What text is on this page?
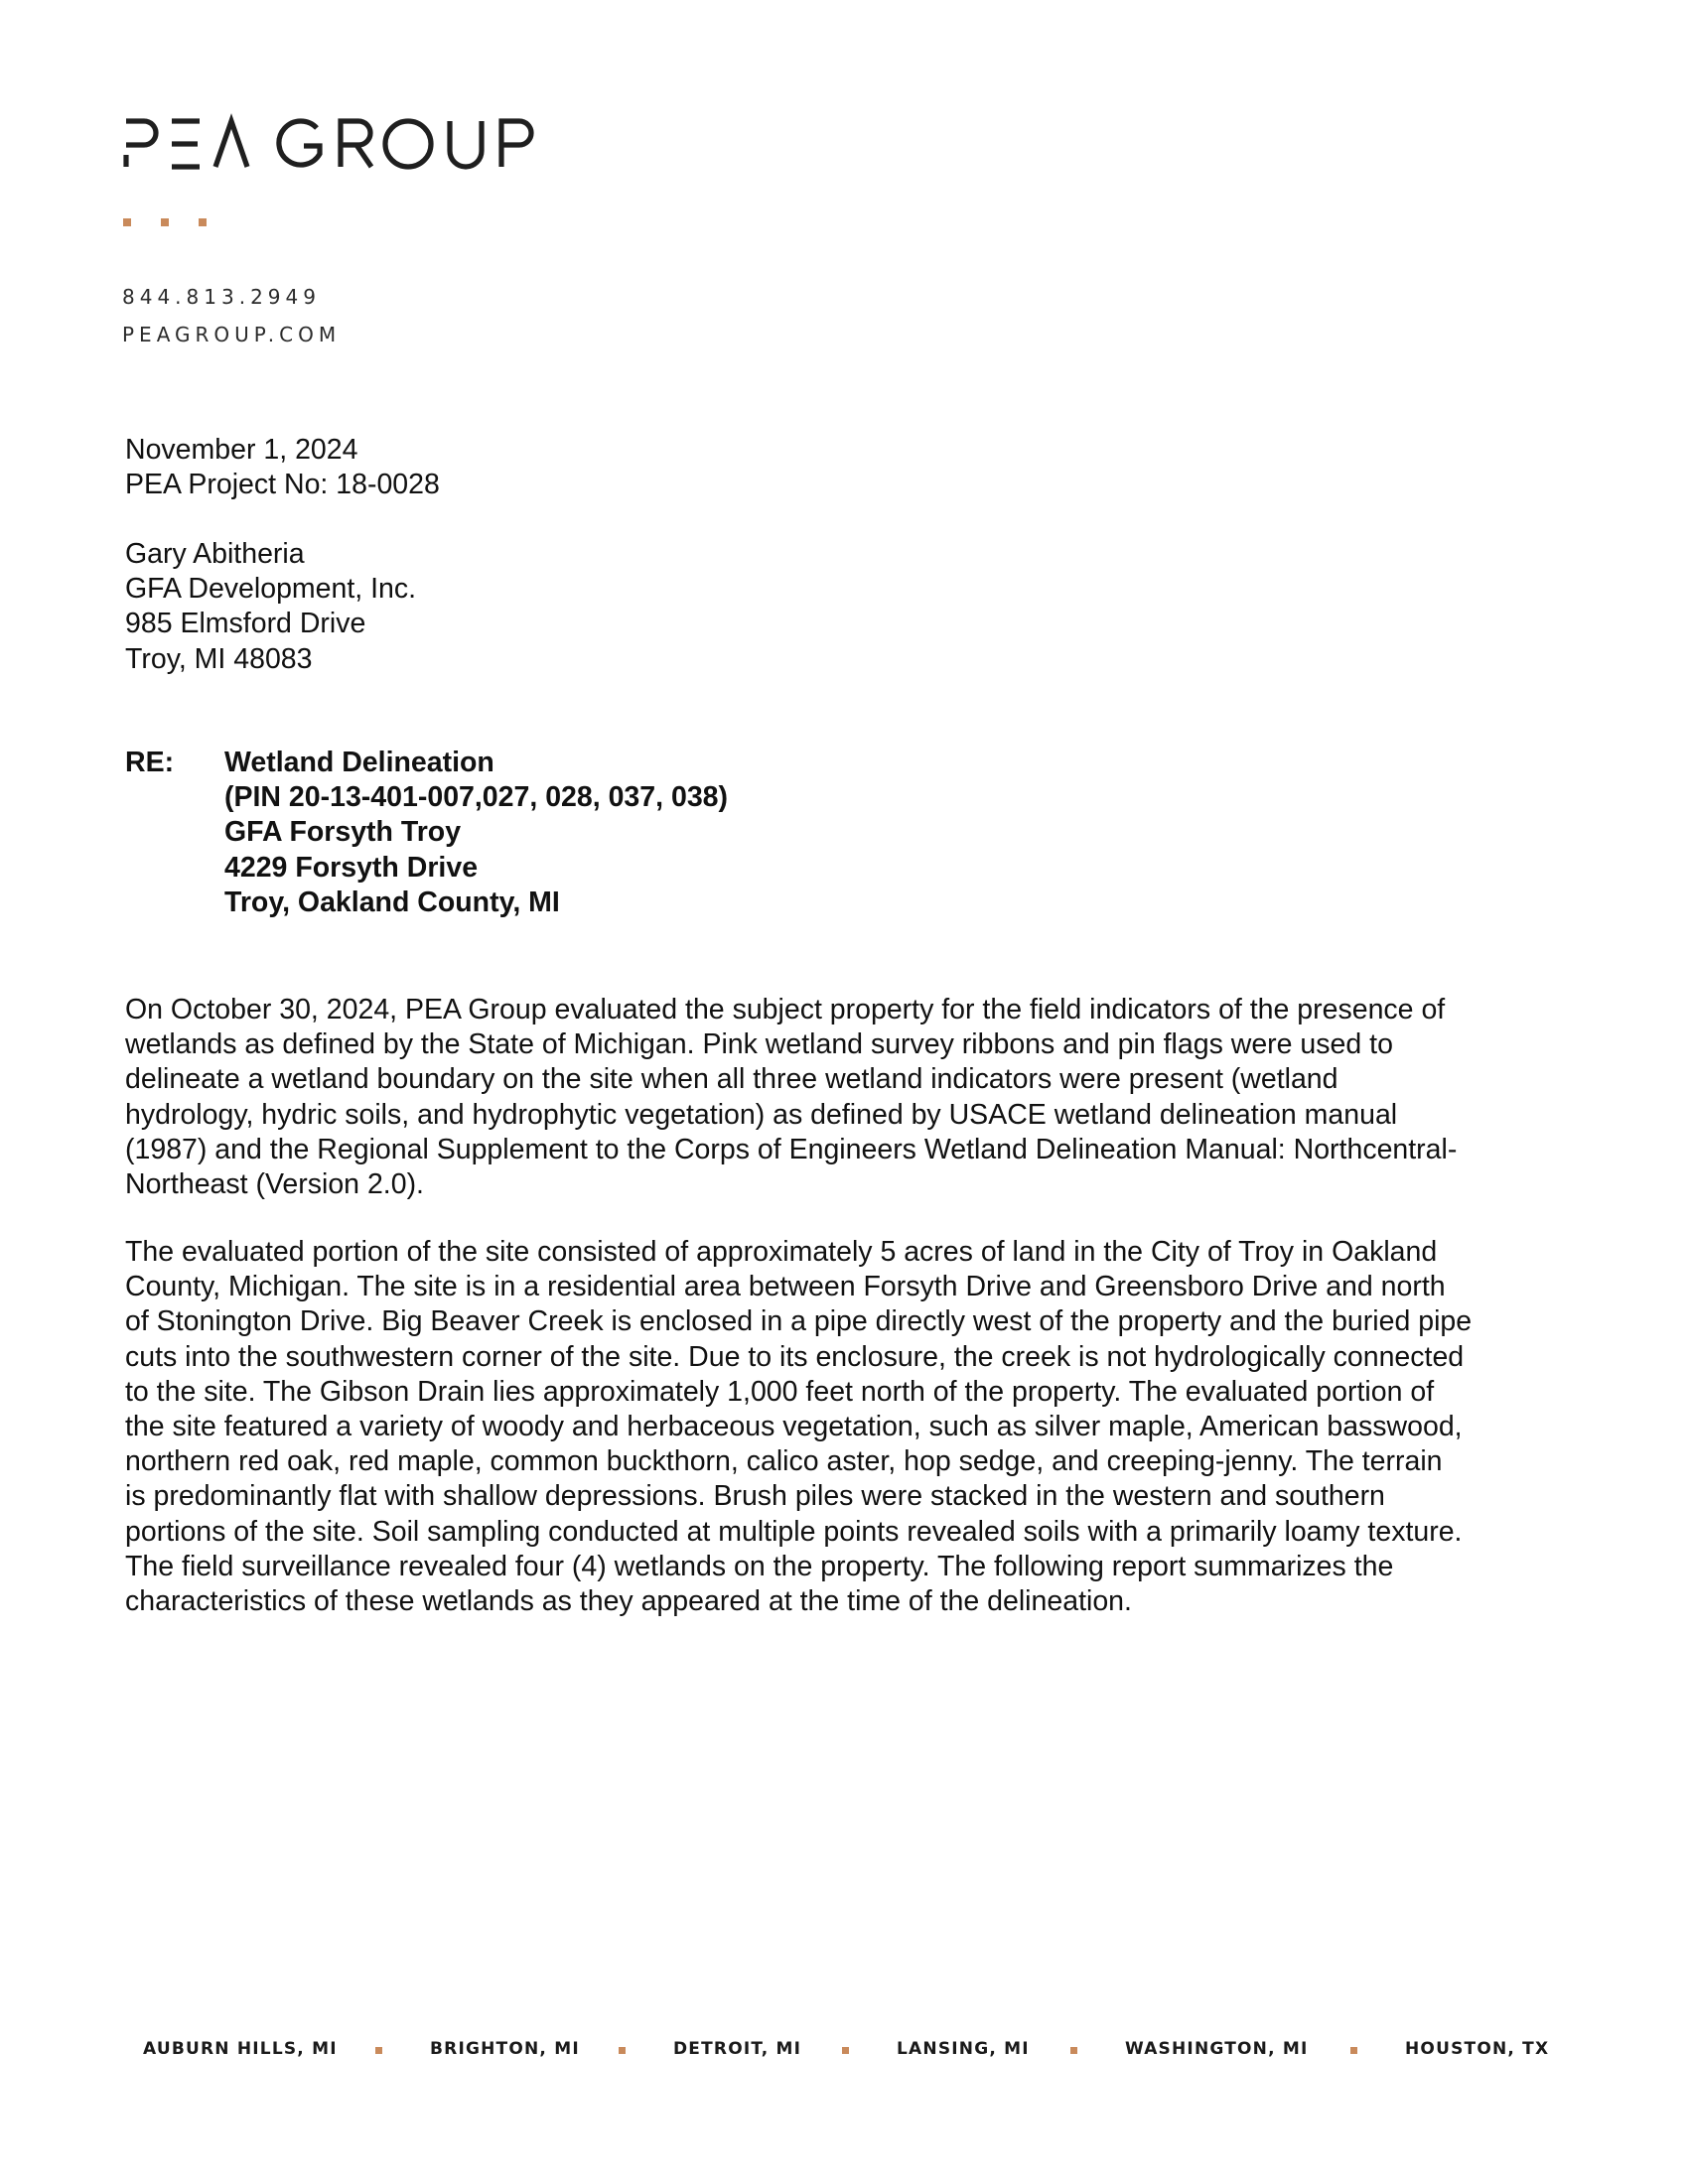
844.813.2949
PEAGROUP.COM
November 1, 2024
PEA Project No: 18-0028
Gary Abitheria
GFA Development, Inc.
985 Elmsford Drive
Troy, MI 48083
RE: Wetland Delineation
(PIN 20-13-401-007,027, 028, 037, 038)
GFA Forsyth Troy
4229 Forsyth Drive
Troy, Oakland County, MI
On October 30, 2024, PEA Group evaluated the subject property for the field indicators of the presence of
wetlands as defined by the State of Michigan. Pink wetland survey ribbons and pin flags were used to
delineate a wetland boundary on the site when all three wetland indicators were present (wetland
hydrology, hydric soils, and hydrophytic vegetation) as defined by USACE wetland delineation manual
(1987) and the Regional Supplement to the Corps of Engineers Wetland Delineation Manual: Northcentral-
Northeast (Version 2.0).
The evaluated portion of the site consisted of approximately 5 acres of land in the City of Troy in Oakland
County, Michigan. The site is in a residential area between Forsyth Drive and Greensboro Drive and north
of Stonington Drive. Big Beaver Creek is enclosed in a pipe directly west of the property and the buried pipe
cuts into the southwestern corner of the site. Due to its enclosure, the creek is not hydrologically connected
to the site. The Gibson Drain lies approximately 1,000 feet north of the property. The evaluated portion of
the site featured a variety of woody and herbaceous vegetation, such as silver maple, American basswood,
northern red oak, red maple, common buckthorn, calico aster, hop sedge, and creeping-jenny. The terrain
is predominantly flat with shallow depressions. Brush piles were stacked in the western and southern
portions of the site. Soil sampling conducted at multiple points revealed soils with a primarily loamy texture.
The field surveillance revealed four (4) wetlands on the property. The following report summarizes the
characteristics of these wetlands as they appeared at the time of the delineation.
AUBURN HILLS, MI	BRIGHTON, MI	DETROIT, MI	LANSING, MI	WASHINGTON, MI	HOUSTON, TX
